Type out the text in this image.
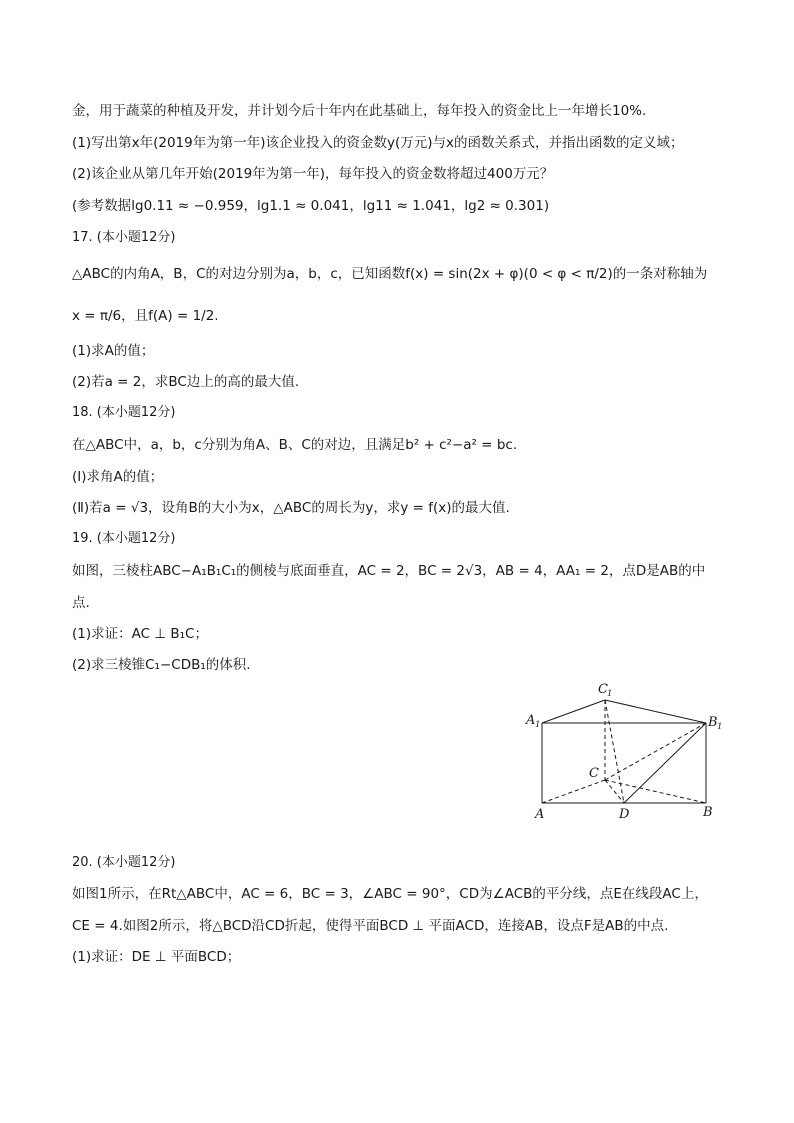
金，用于蔬菜的种植及开发，并计划今后十年内在此基础上，每年投入的资金比上一年增长10%.
(1)写出第x年(2019年为第一年)该企业投入的资金数y(万元)与x的函数关系式，并指出函数的定义域；
(2)该企业从第几年开始(2019年为第一年)，每年投入的资金数将超过400万元？
(参考数据lg0.11 ≈ −0.959，lg1.1 ≈ 0.041，lg11 ≈ 1.041，lg2 ≈ 0.301)
17. (本小题12分)
△ABC的内角A，B，C的对边分别为a，b，c，已知函数f(x) = sin(2x + φ)(0 < φ < π/2)的一条对称轴为
x = π/6，且f(A) = 1/2.
(1)求A的值；
(2)若a = 2，求BC边上的高的最大值.
18. (本小题12分)
在△ABC中，a，b，c分别为角A、B、C的对边，且满足b² + c²−a² = bc.
(Ⅰ)求角A的值；
(Ⅱ)若a = √3，设角B的大小为x，△ABC的周长为y，求y = f(x)的最大值.
19. (本小题12分)
如图，三棱柱ABC−A₁B₁C₁的侧棱与底面垂直，AC = 2，BC = 2√3，AB = 4，AA₁ = 2，点D是AB的中
点.
(1)求证：AC ⊥ B₁C；
(2)求三棱锥C₁−CDB₁的体积.
C 1
A 1	B 1
C
A	D	B
20. (本小题12分)
如图1所示，在Rt△ABC中，AC = 6，BC = 3，∠ABC = 90°，CD为∠ACB的平分线，点E在线段AC上，
CE = 4.如图2所示，将△BCD沿CD折起，使得平面BCD ⊥ 平面ACD，连接AB，设点F是AB的中点.
(1)求证：DE ⊥ 平面BCD；
